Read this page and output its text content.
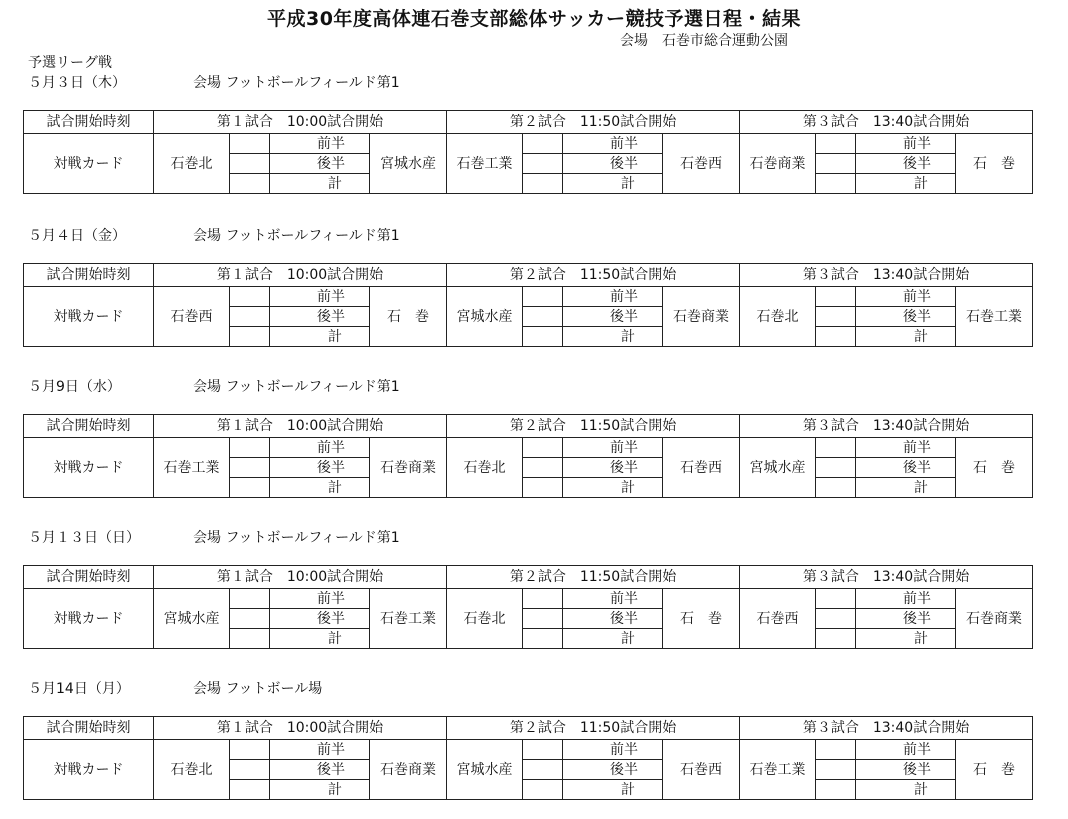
平成30年度高体連石巻支部総体サッカー競技予選日程・結果
会場　石巻市総合運動公園
予選リーグ戦
５月３日（木）	会場 フットボールフィールド第1
試合開始時刻	第１試合　10:00試合開始				第２試合　11:50試合開始				第３試合　13:40試合開始			
対戦カード	石巻北		前半	宮城水産	石巻工業		前半	石巻西	石巻商業		前半	石　巻
			後半				後半				後半	
			計				計				計	
５月４日（金）	会場 フットボールフィールド第1
試合開始時刻	第１試合　10:00試合開始				第２試合　11:50試合開始				第３試合　13:40試合開始			
対戦カード	石巻西		前半	石　巻	宮城水産		前半	石巻商業	石巻北		前半	石巻工業
			後半				後半				後半	
			計				計				計	
５月9日（水）	会場 フットボールフィールド第1
試合開始時刻	第１試合　10:00試合開始				第２試合　11:50試合開始				第３試合　13:40試合開始			
対戦カード	石巻工業		前半	石巻商業	石巻北		前半	石巻西	宮城水産		前半	石　巻
			後半				後半				後半	
			計				計				計	
５月１３日（日）	会場 フットボールフィールド第1
試合開始時刻	第１試合　10:00試合開始				第２試合　11:50試合開始				第３試合　13:40試合開始			
対戦カード	宮城水産		前半	石巻工業	石巻北		前半	石　巻	石巻西		前半	石巻商業
			後半				後半				後半	
			計				計				計	
５月14日（月）	会場 フットボール場
試合開始時刻	第１試合　10:00試合開始				第２試合　11:50試合開始				第３試合　13:40試合開始			
対戦カード	石巻北		前半	石巻商業	宮城水産		前半	石巻西	石巻工業		前半	石　巻
			後半				後半				後半	
			計				計				計	
